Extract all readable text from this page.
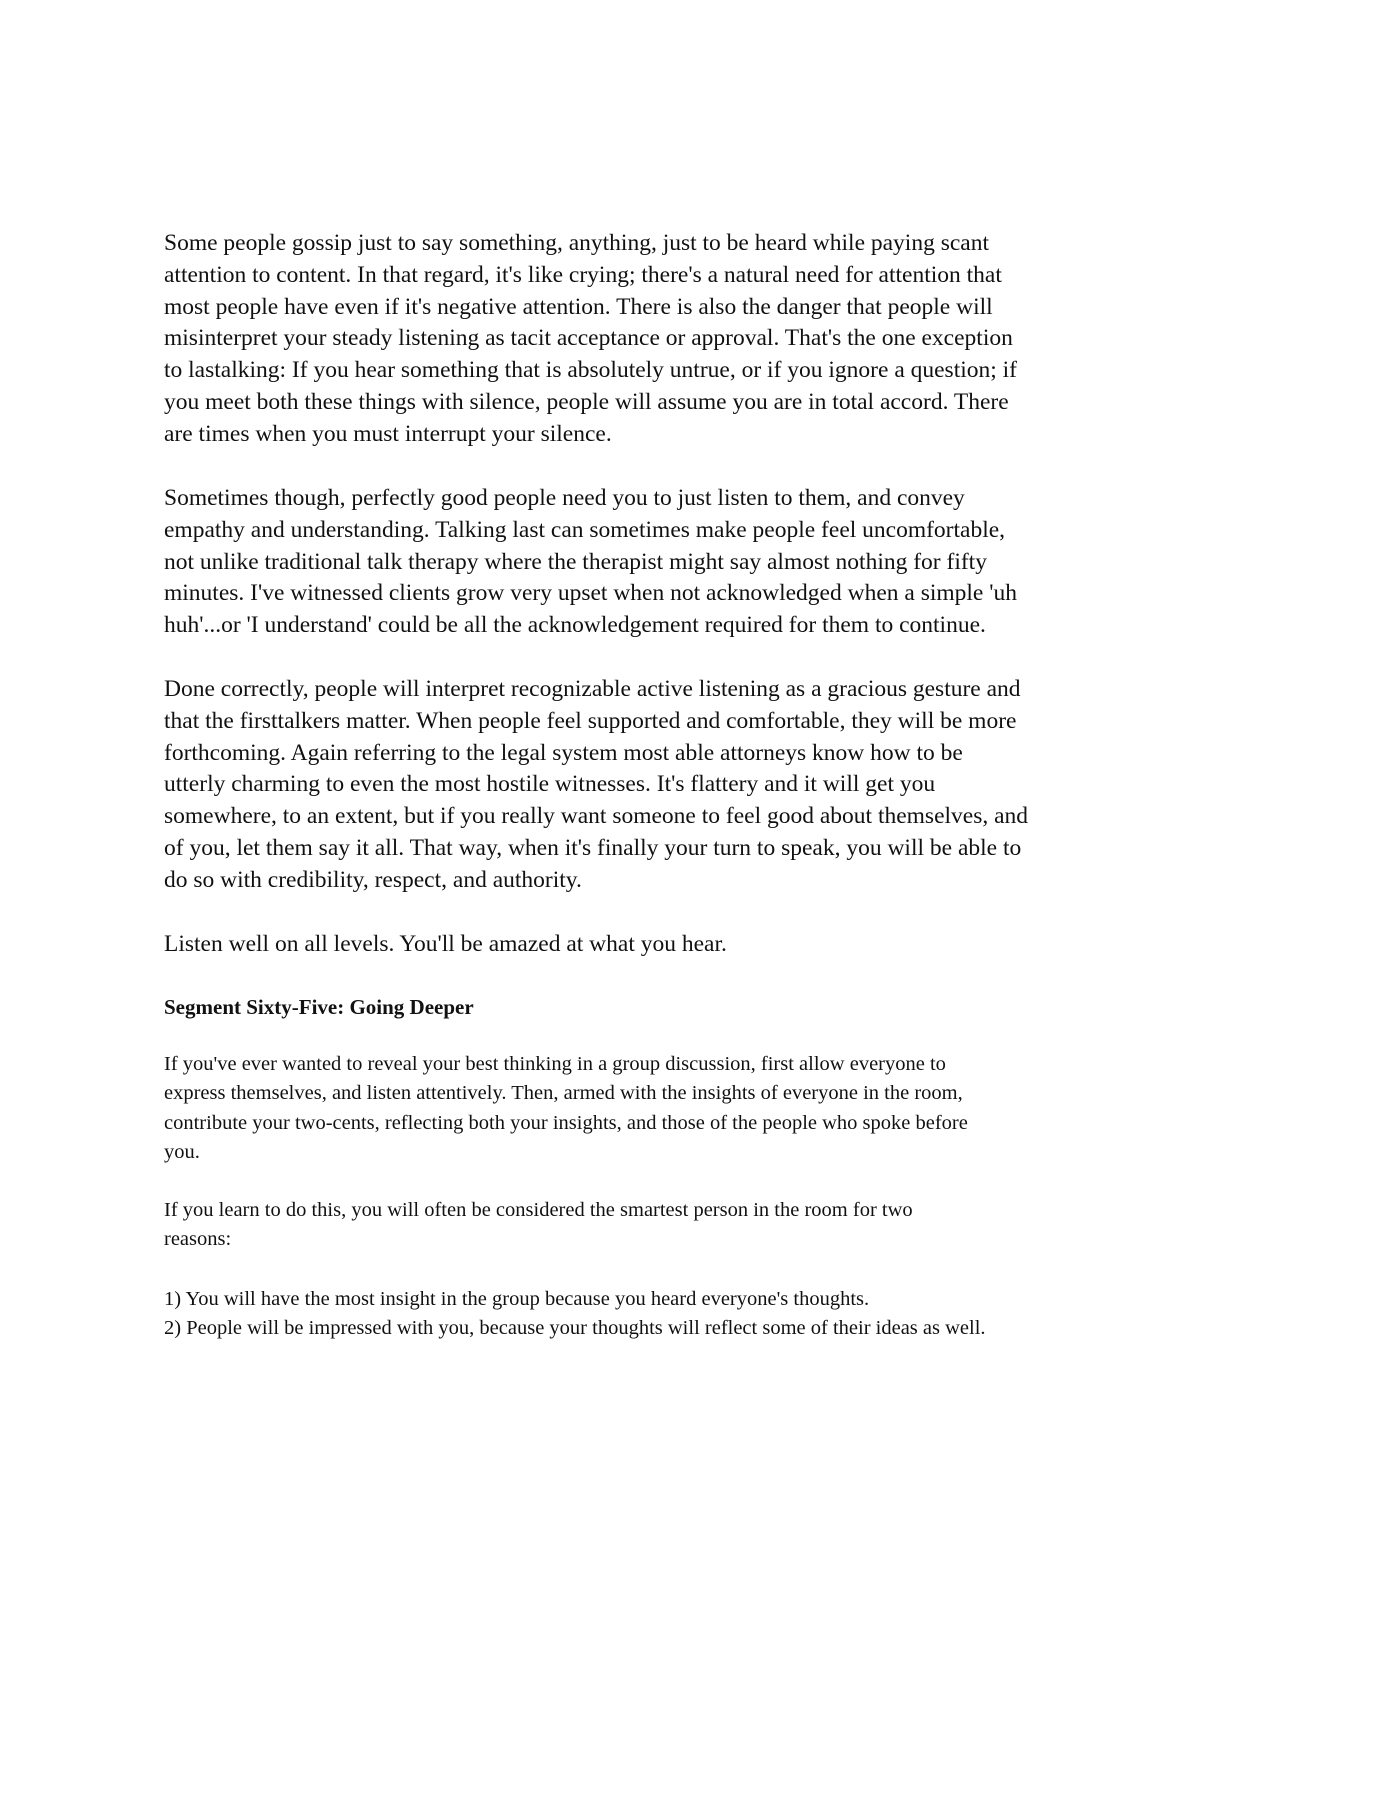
Some people gossip just to say something, anything, just to be heard while paying scant
attention to content. In that regard, it's like crying; there's a natural need for attention that
most people have even if it's negative attention. There is also the danger that people will
misinterpret your steady listening as tacit acceptance or approval. That's the one exception
to lastalking: If you hear something that is absolutely untrue, or if you ignore a question; if
you meet both these things with silence, people will assume you are in total accord. There
are times when you must interrupt your silence.
Sometimes though, perfectly good people need you to just listen to them, and convey
empathy and understanding. Talking last can sometimes make people feel uncomfortable,
not unlike traditional talk therapy where the therapist might say almost nothing for fifty
minutes. I've witnessed clients grow very upset when not acknowledged when a simple 'uh
huh'...or 'I understand' could be all the acknowledgement required for them to continue.
Done correctly, people will interpret recognizable active listening as a gracious gesture and
that the firsttalkers matter. When people feel supported and comfortable, they will be more
forthcoming. Again referring to the legal system most able attorneys know how to be
utterly charming to even the most hostile witnesses. It's flattery and it will get you
somewhere, to an extent, but if you really want someone to feel good about themselves, and
of you, let them say it all. That way, when it's finally your turn to speak, you will be able to
do so with credibility, respect, and authority.
Listen well on all levels. You'll be amazed at what you hear.
Segment Sixty-Five: Going Deeper
If you've ever wanted to reveal your best thinking in a group discussion, first allow everyone to
express themselves, and listen attentively. Then, armed with the insights of everyone in the room,
contribute your two-cents, reflecting both your insights, and those of the people who spoke before
you.
If you learn to do this, you will often be considered the smartest person in the room for two
reasons:
1) You will have the most insight in the group because you heard everyone's thoughts.
2) People will be impressed with you, because your thoughts will reflect some of their ideas as well.
